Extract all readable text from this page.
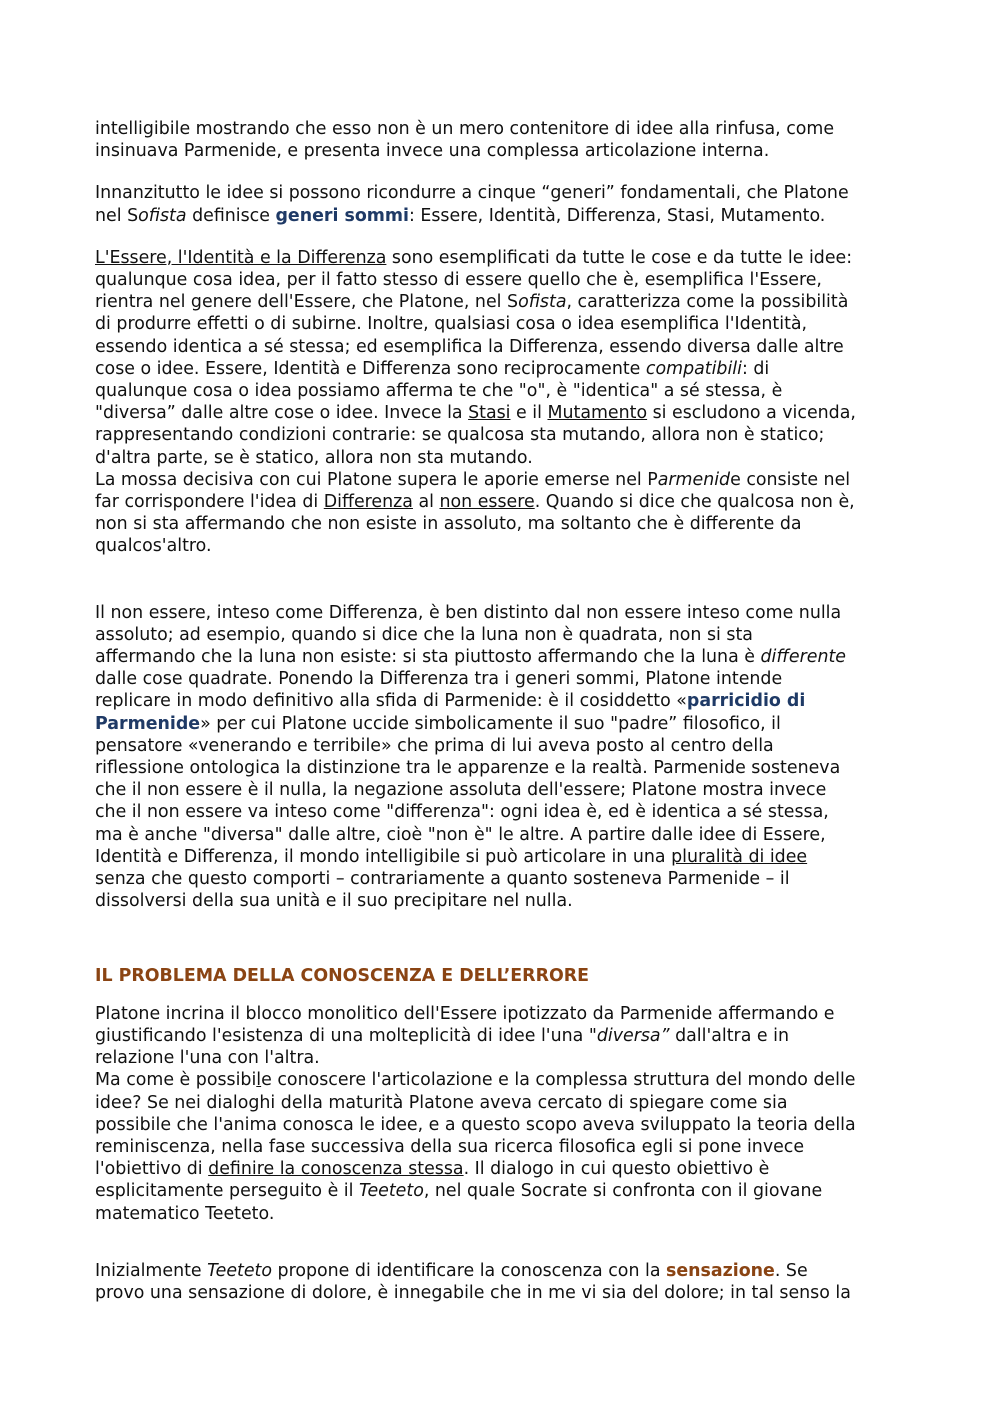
intelligibile mostrando che esso non è un mero contenitore di idee alla rinfusa, come
insinuava Parmenide, e presenta invece una complessa articolazione interna.

Innanzitutto le idee si possono ricondurre a cinque “generi” fondamentali, che Platone
nel Sofista definisce generi sommi: Essere, Identità, Differenza, Stasi, Mutamento.

L'Essere, l'Identità e la Differenza sono esemplificati da tutte le cose e da tutte le idee:
qualunque cosa idea, per il fatto stesso di essere quello che è, esemplifica l'Essere,
rientra nel genere dell'Essere, che Platone, nel Sofista, caratterizza come la possibilità
di produrre effetti o di subirne. Inoltre, qualsiasi cosa o idea esemplifica l'Identità,
essendo identica a sé stessa; ed esemplifica la Differenza, essendo diversa dalle altre
cose o idee. Essere, Identità e Differenza sono reciprocamente compatibili: di
qualunque cosa o idea possiamo afferma te che "o", è "identica" a sé stessa, è
"diversa” dalle altre cose o idee. Invece la Stasi e il Mutamento si escludono a vicenda,
rappresentando condizioni contrarie: se qualcosa sta mutando, allora non è statico;
d'altra parte, se è statico, allora non sta mutando.

La mossa decisiva con cui Platone supera le aporie emerse nel Parmenide consiste nel
far corrispondere l'idea di Differenza al non essere. Quando si dice che qualcosa non è,
non si sta affermando che non esiste in assoluto, ma soltanto che è differente da
qualcos'altro.

Il non essere, inteso come Differenza, è ben distinto dal non essere inteso come nulla
assoluto; ad esempio, quando si dice che la luna non è quadrata, non si sta
affermando che la luna non esiste: si sta piuttosto affermando che la luna è differente
dalle cose quadrate. Ponendo la Differenza tra i generi sommi, Platone intende
replicare in modo definitivo alla sfida di Parmenide: è il cosiddetto «parricidio di
Parmenide» per cui Platone uccide simbolicamente il suo "padre” filosofico, il
pensatore «venerando e terribile» che prima di lui aveva posto al centro della
riflessione ontologica la distinzione tra le apparenze e la realtà. Parmenide sosteneva
che il non essere è il nulla, la negazione assoluta dell'essere; Platone mostra invece
che il non essere va inteso come "differenza": ogni idea è, ed è identica a sé stessa,
ma è anche "diversa" dalle altre, cioè "non è" le altre. A partire dalle idee di Essere,
Identità e Differenza, il mondo intelligibile si può articolare in una pluralità di idee
senza che questo comporti – contrariamente a quanto sosteneva Parmenide – il
dissolversi della sua unità e il suo precipitare nel nulla.

IL PROBLEMA DELLA CONOSCENZA E DELL’ERRORE

Platone incrina il blocco monolitico dell'Essere ipotizzato da Parmenide affermando e
giustificando l'esistenza di una molteplicità di idee l'una "diversa” dall'altra e in
relazione l'una con l'altra.

Ma come è possibile conoscere l'articolazione e la complessa struttura del mondo delle
idee? Se nei dialoghi della maturità Platone aveva cercato di spiegare come sia
possibile che l'anima conosca le idee, e a questo scopo aveva sviluppato la teoria della
reminiscenza, nella fase successiva della sua ricerca filosofica egli si pone invece
l'obiettivo di definire la conoscenza stessa. Il dialogo in cui questo obiettivo è
esplicitamente perseguito è il Teeteto, nel quale Socrate si confronta con il giovane
matematico Teeteto.

Inizialmente Teeteto propone di identificare la conoscenza con la sensazione. Se
provo una sensazione di dolore, è innegabile che in me vi sia del dolore; in tal senso la
